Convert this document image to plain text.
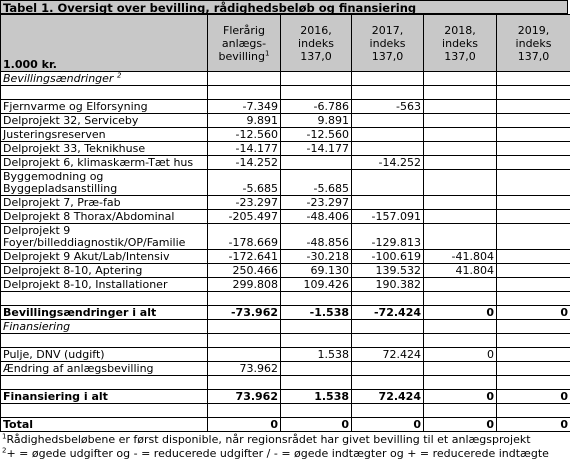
Tabel 1. Oversigt over bevilling, rådighedsbeløb og finansiering
1.000 kr.	Flerårig anlægs-bevilling$^1$	2016, indeks 137,0	2017, indeks 137,0	2018, indeks 137,0	2019, indeks 137,0
Bevillingsændringer $^2$					

Fjernvarme og Elforsyning	-7.349	-6.786	-563		
Delprojekt 32, Serviceby	9.891	9.891			
Justeringsreserven	-12.560	-12.560			
Delprojekt 33, Teknikhuse	-14.177	-14.177			
Delprojekt 6, klimaskærm-Tæt hus	-14.252		-14.252		
Byggemodning og Byggepladsanstilling	-5.685	-5.685			
Delprojekt 7, Præ-fab	-23.297	-23.297			
Delprojekt 8 Thorax/Abdominal	-205.497	-48.406	-157.091		
Delprojekt 9 Foyer/billeddiagnostik/OP/Familie	-178.669	-48.856	-129.813		
Delprojekt 9 Akut/Lab/Intensiv	-172.641	-30.218	-100.619	-41.804	
Delprojekt 8-10, Aptering	250.466	69.130	139.532	41.804	
Delprojekt 8-10, Installationer	299.808	109.426	190.382		

Bevillingsændringer i alt	-73.962	-1.538	-72.424	0	0
Finansiering					

Pulje, DNV (udgift)		1.538	72.424	0	
Ændring af anlægsbevilling	73.962				

Finansiering i alt	73.962	1.538	72.424	0	0

Total	0	0	0	0	0
$^1$Rådighedsbeløbene er først disponible, når regionsrådet har givet bevilling til et anlægsprojekt
$^2$+ = øgede udgifter og - = reducerede udgifter / - = øgede indtægter og + = reducerede indtægte
